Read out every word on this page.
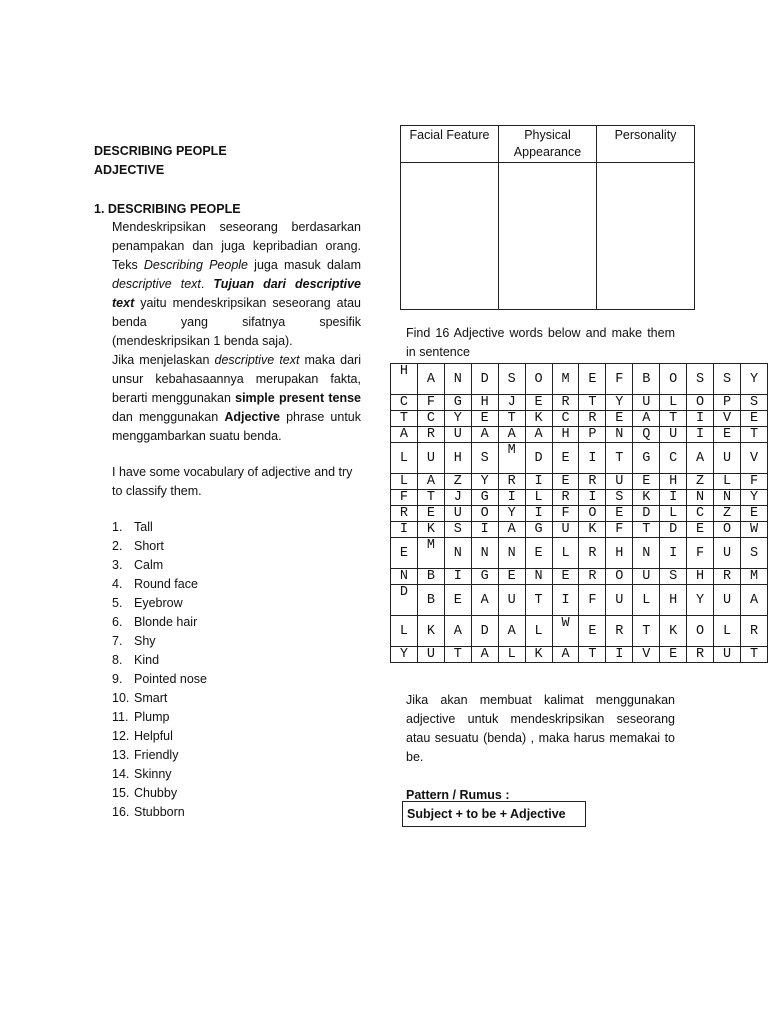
DESCRIBING PEOPLE
ADJECTIVE
1. DESCRIBING PEOPLE
Mendeskripsikan seseorang berdasarkan penampakan dan juga kepribadian orang. Teks Describing People juga masuk dalam descriptive text. Tujuan dari descriptive text yaitu mendeskripsikan seseorang atau benda yang sifatnya spesifik (mendeskripsikan 1 benda saja).
Jika menjelaskan descriptive text maka dari unsur kebahasaannya merupakan fakta, berarti menggunakan simple present tense dan menggunakan Adjective phrase untuk menggambarkan suatu benda.
I have some vocabulary of adjective and try to classify them.
1. Tall
2. Short
3. Calm
4. Round face
5. Eyebrow
6. Blonde hair
7. Shy
8. Kind
9. Pointed nose
10. Smart
11. Plump
12. Helpful
13. Friendly
14. Skinny
15. Chubby
16. Stubborn
Facial Feature	Physical Appearance	Personality

Find 16 Adjective words below and make them in sentence
H	A	N	D	S	O	M	E	F	B	O	S	S	Y
C	F	G	H	J	E	R	T	Y	U	L	O	P	S
T	C	Y	E	T	K	C	R	E	A	T	I	V	E
A	R	U	A	A	A	H	P	N	Q	U	I	E	T
L	U	H	S	M	D	E	I	T	G	C	A	U	V
L	A	Z	Y	R	I	E	R	U	E	H	Z	L	F
F	T	J	G	I	L	R	I	S	K	I	N	N	Y
R	E	U	O	Y	I	F	O	E	D	L	C	Z	E
I	K	S	I	A	G	U	K	F	T	D	E	O	W
E	M	N	N	N	E	L	R	H	N	I	F	U	S
N	B	I	G	E	N	E	R	O	U	S	H	R	M
D	B	E	A	U	T	I	F	U	L	H	Y	U	A
L	K	A	D	A	L	W	E	R	T	K	O	L	R
Y	U	T	A	L	K	A	T	I	V	E	R	U	T
Jika akan membuat kalimat menggunakan adjective untuk mendeskripsikan seseorang atau sesuatu (benda) , maka harus memakai to be.
Pattern / Rumus :
Subject + to be + Adjective
